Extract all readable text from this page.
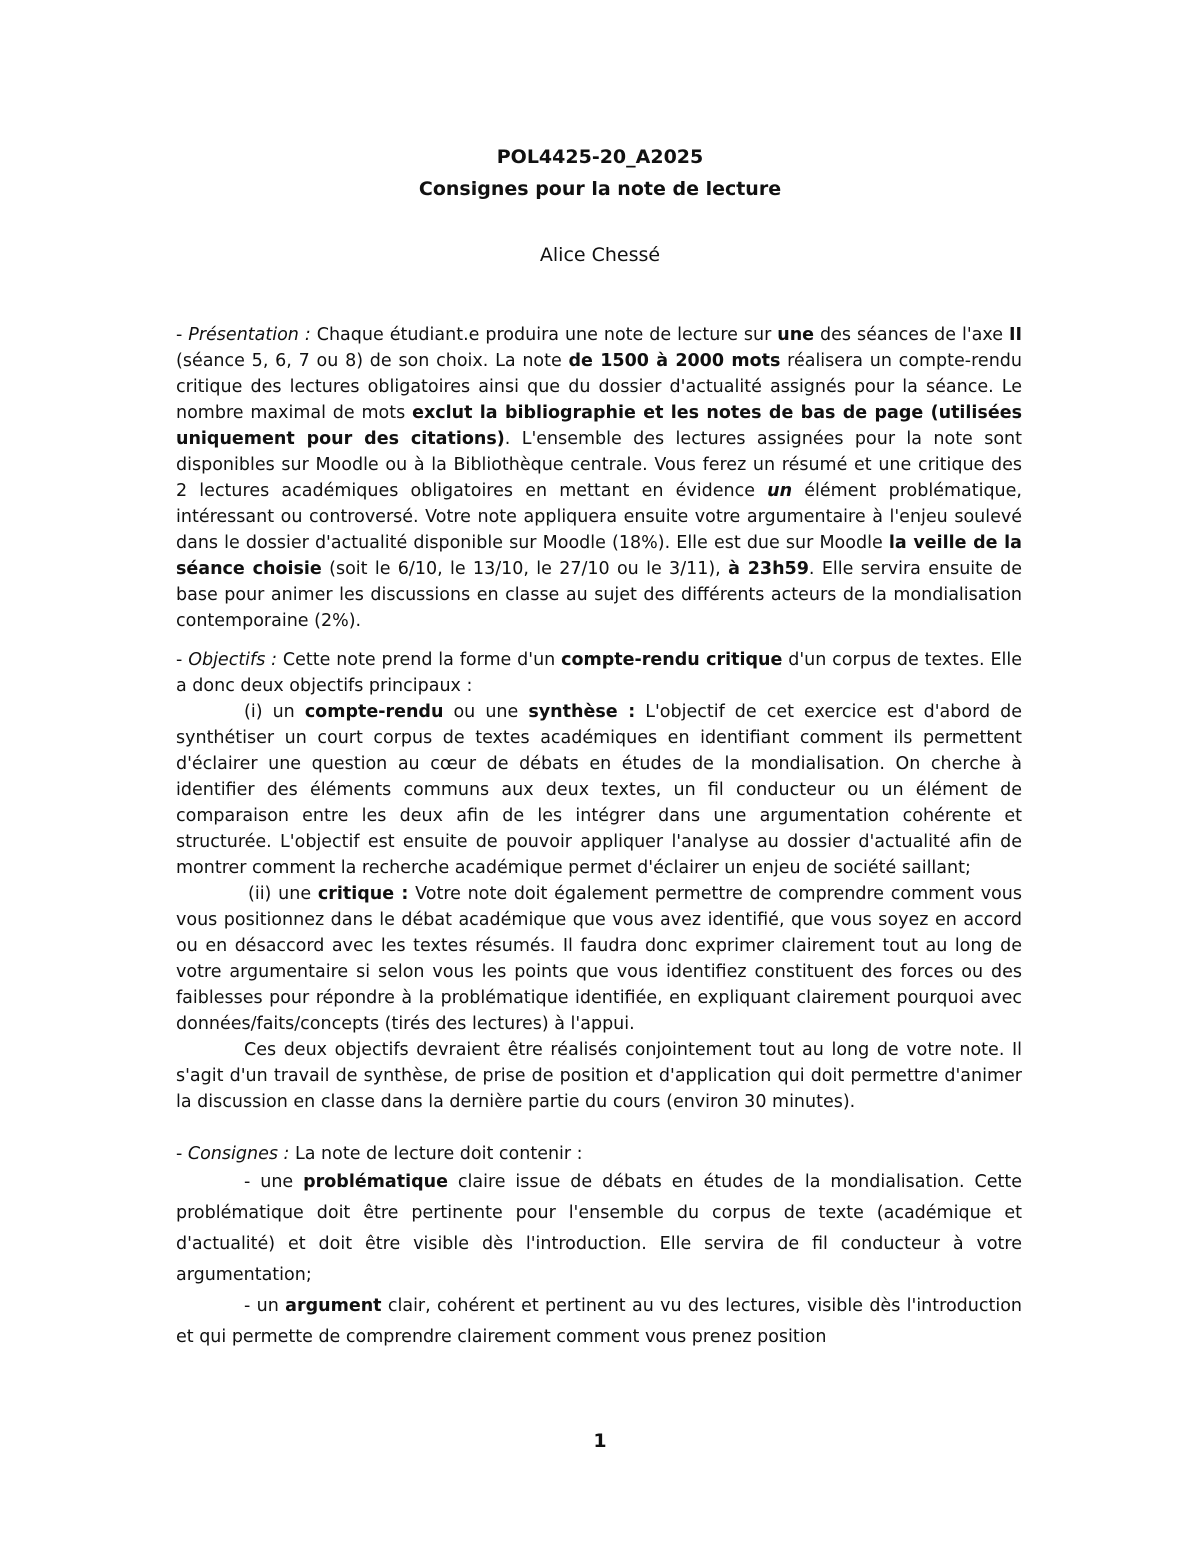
POL4425-20_A2025
Consignes pour la note de lecture
Alice Chessé

- Présentation : Chaque étudiant.e produira une note de lecture sur une des séances de l'axe II (séance 5, 6, 7 ou 8) de son choix. La note de 1500 à 2000 mots réalisera un compte-rendu critique des lectures obligatoires ainsi que du dossier d'actualité assignés pour la séance. Le nombre maximal de mots exclut la bibliographie et les notes de bas de page (utilisées uniquement pour des citations). L'ensemble des lectures assignées pour la note sont disponibles sur Moodle ou à la Bibliothèque centrale. Vous ferez un résumé et une critique des 2 lectures académiques obligatoires en mettant en évidence un élément problématique, intéressant ou controversé. Votre note appliquera ensuite votre argumentaire à l'enjeu soulevé dans le dossier d'actualité disponible sur Moodle (18%). Elle est due sur Moodle la veille de la séance choisie (soit le 6/10, le 13/10, le 27/10 ou le 3/11), à 23h59. Elle servira ensuite de base pour animer les discussions en classe au sujet des différents acteurs de la mondialisation contemporaine (2%).

- Objectifs : Cette note prend la forme d'un compte-rendu critique d'un corpus de textes. Elle a donc deux objectifs principaux :

(i) un compte-rendu ou une synthèse : L'objectif de cet exercice est d'abord de synthétiser un court corpus de textes académiques en identifiant comment ils permettent d'éclairer une question au cœur de débats en études de la mondialisation. On cherche à identifier des éléments communs aux deux textes, un fil conducteur ou un élément de comparaison entre les deux afin de les intégrer dans une argumentation cohérente et structurée. L'objectif est ensuite de pouvoir appliquer l'analyse au dossier d'actualité afin de montrer comment la recherche académique permet d'éclairer un enjeu de société saillant;

(ii) une critique : Votre note doit également permettre de comprendre comment vous vous positionnez dans le débat académique que vous avez identifié, que vous soyez en accord ou en désaccord avec les textes résumés. Il faudra donc exprimer clairement tout au long de votre argumentaire si selon vous les points que vous identifiez constituent des forces ou des faiblesses pour répondre à la problématique identifiée, en expliquant clairement pourquoi avec données/faits/concepts (tirés des lectures) à l'appui.

Ces deux objectifs devraient être réalisés conjointement tout au long de votre note. Il s'agit d'un travail de synthèse, de prise de position et d'application qui doit permettre d'animer la discussion en classe dans la dernière partie du cours (environ 30 minutes).

- Consignes : La note de lecture doit contenir :

- une problématique claire issue de débats en études de la mondialisation. Cette problématique doit être pertinente pour l'ensemble du corpus de texte (académique et d'actualité) et doit être visible dès l'introduction. Elle servira de fil conducteur à votre argumentation;

- un argument clair, cohérent et pertinent au vu des lectures, visible dès l'introduction et qui permette de comprendre clairement comment vous prenez position

1
